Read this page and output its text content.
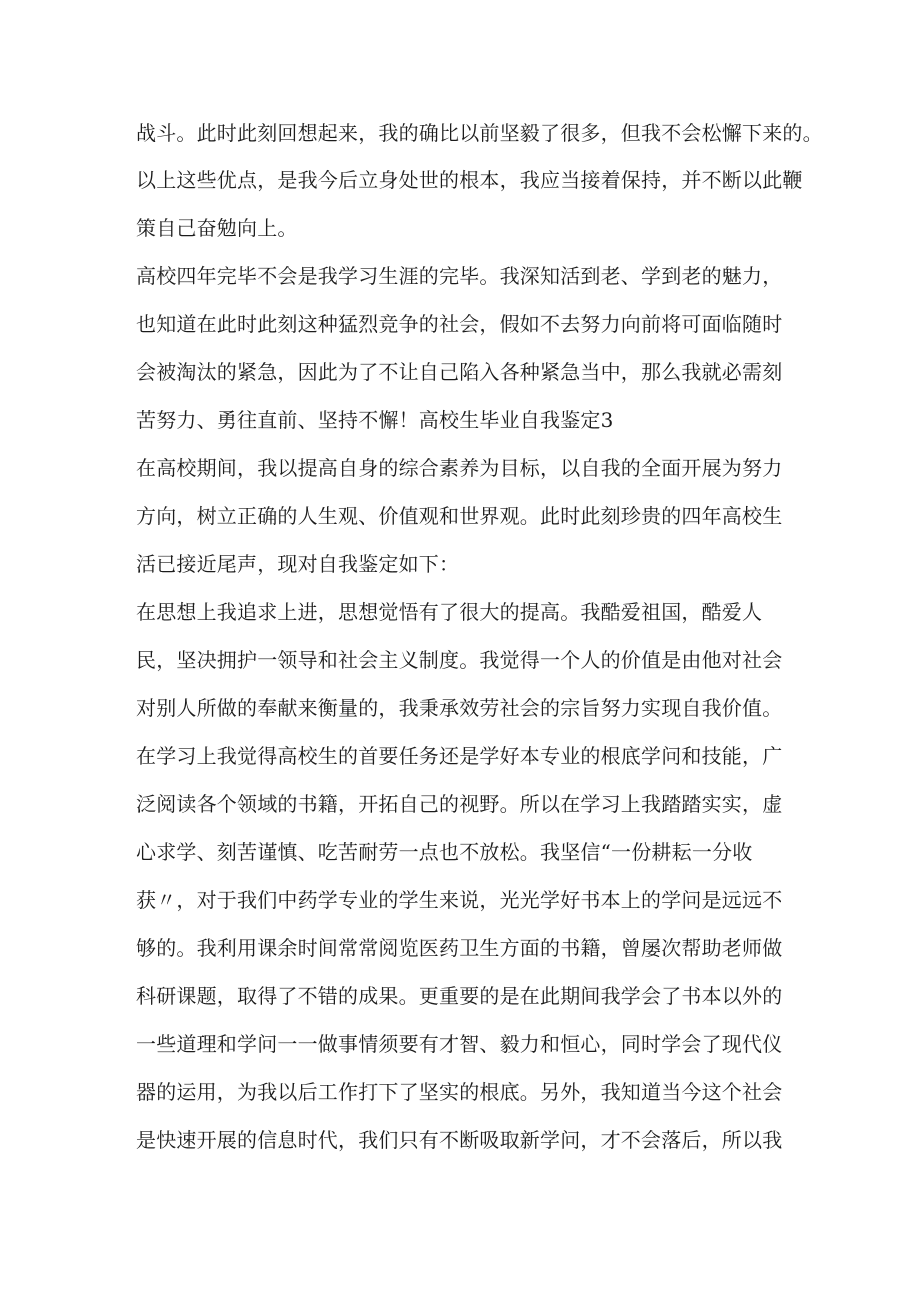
战斗。此时此刻回想起来，我的确比以前坚毅了很多，但我不会松懈下来的。
以上这些优点，是我今后立身处世的根本，我应当接着保持，并不断以此鞭
策自己奋勉向上。
高校四年完毕不会是我学习生涯的完毕。我深知活到老、学到老的魅力，
也知道在此时此刻这种猛烈竞争的社会，假如不去努力向前将可面临随时
会被淘汰的紧急，因此为了不让自己陷入各种紧急当中，那么我就必需刻
苦努力、勇往直前、坚持不懈！高校生毕业自我鉴定3
在高校期间，我以提高自身的综合素养为目标，以自我的全面开展为努力
方向，树立正确的人生观、价值观和世界观。此时此刻珍贵的四年高校生
活已接近尾声，现对自我鉴定如下：
在思想上我追求上进，思想觉悟有了很大的提高。我酷爱祖国，酷爱人
民，坚决拥护一领导和社会主义制度。我觉得一个人的价值是由他对社会
对别人所做的奉献来衡量的，我秉承效劳社会的宗旨努力实现自我价值。
在学习上我觉得高校生的首要任务还是学好本专业的根底学问和技能，广
泛阅读各个领域的书籍，开拓自己的视野。所以在学习上我踏踏实实，虚
心求学、刻苦谨慎、吃苦耐劳一点也不放松。我坚信“一份耕耘一分收
获〃，对于我们中药学专业的学生来说，光光学好书本上的学问是远远不
够的。我利用课余时间常常阅览医药卫生方面的书籍，曾屡次帮助老师做
科研课题，取得了不错的成果。更重要的是在此期间我学会了书本以外的
一些道理和学问一一做事情须要有才智、毅力和恒心，同时学会了现代仪
器的运用，为我以后工作打下了坚实的根底。另外，我知道当今这个社会
是快速开展的信息时代，我们只有不断吸取新学问，才不会落后，所以我
